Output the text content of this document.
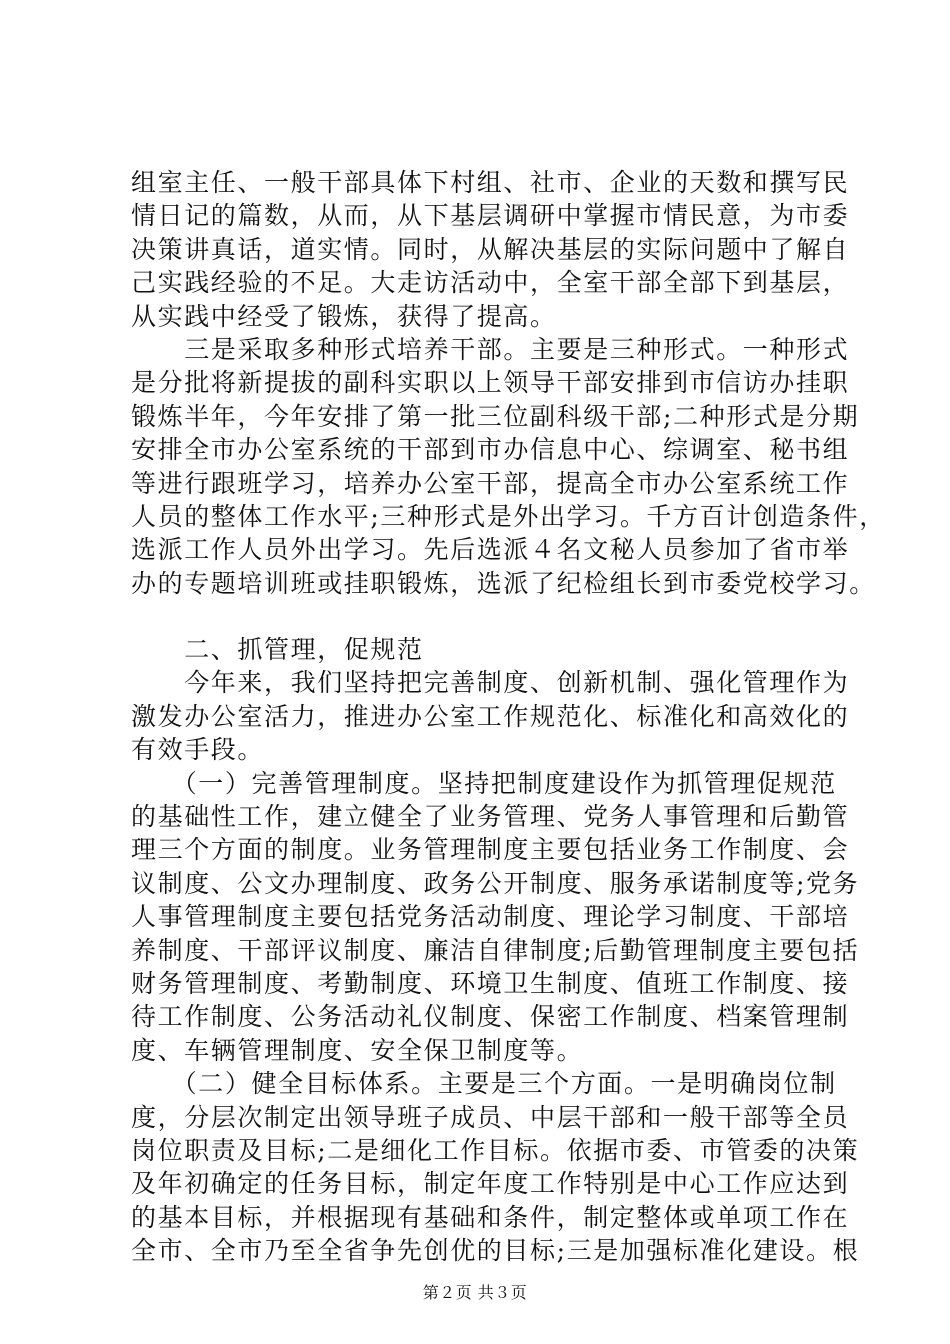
组室主任、一般干部具体下村组、社市、企业的天数和撰写民
情日记的篇数，从而，从下基层调研中掌握市情民意，为市委
决策讲真话，道实情。同时，从解决基层的实际问题中了解自
己实践经验的不足。大走访活动中，全室干部全部下到基层，
从实践中经受了锻炼，获得了提高。
　　三是采取多种形式培养干部。主要是三种形式。一种形式
是分批将新提拔的副科实职以上领导干部安排到市信访办挂职
锻炼半年，今年安排了第一批三位副科级干部;二种形式是分期
安排全市办公室系统的干部到市办信息中心、综调室、秘书组
等进行跟班学习，培养办公室干部，提高全市办公室系统工作
人员的整体工作水平;三种形式是外出学习。千方百计创造条件，
选派工作人员外出学习。先后选派４名文秘人员参加了省市举
办的专题培训班或挂职锻炼，选派了纪检组长到市委党校学习。
　　二、抓管理，促规范
　　今年来，我们坚持把完善制度、创新机制、强化管理作为
激发办公室活力，推进办公室工作规范化、标准化和高效化的
有效手段。
　　（一）完善管理制度。坚持把制度建设作为抓管理促规范
的基础性工作，建立健全了业务管理、党务人事管理和后勤管
理三个方面的制度。业务管理制度主要包括业务工作制度、会
议制度、公文办理制度、政务公开制度、服务承诺制度等;党务
人事管理制度主要包括党务活动制度、理论学习制度、干部培
养制度、干部评议制度、廉洁自律制度;后勤管理制度主要包括
财务管理制度、考勤制度、环境卫生制度、值班工作制度、接
待工作制度、公务活动礼仪制度、保密工作制度、档案管理制
度、车辆管理制度、安全保卫制度等。
　　（二）健全目标体系。主要是三个方面。一是明确岗位制
度，分层次制定出领导班子成员、中层干部和一般干部等全员
岗位职责及目标;二是细化工作目标。依据市委、市管委的决策
及年初确定的任务目标，制定年度工作特别是中心工作应达到
的基本目标，并根据现有基础和条件，制定整体或单项工作在
全市、全市乃至全省争先创优的目标;三是加强标准化建设。根
第２页 共３页
